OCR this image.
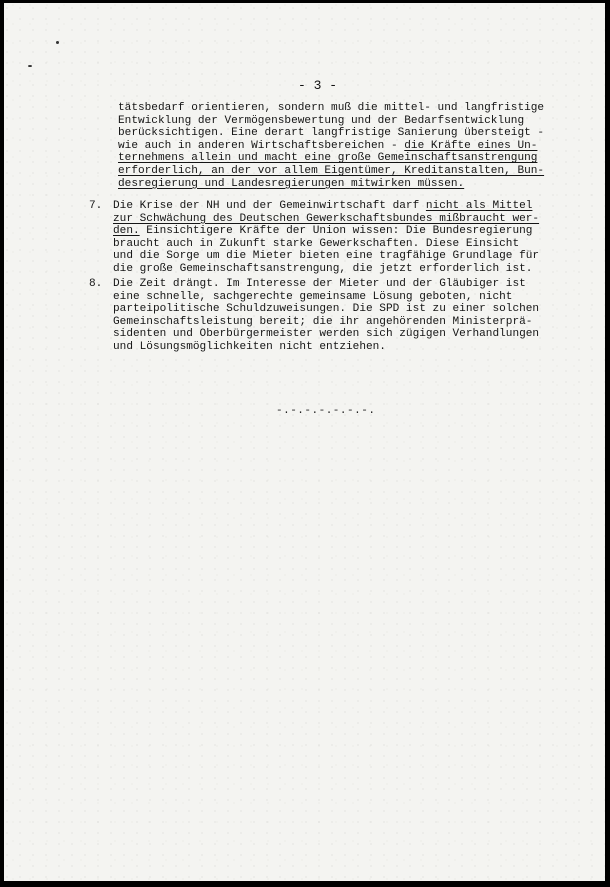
- 3 -
tätsbedarf orientieren, sondern muß die mittel- und langfristige
Entwicklung der Vermögensbewertung und der Bedarfsentwicklung
berücksichtigen. Eine derart langfristige Sanierung übersteigt -
wie auch in anderen Wirtschaftsbereichen - die Kräfte eines Un-
ternehmens allein und macht eine große Gemeinschaftsanstrengung
erforderlich, an der vor allem Eigentümer, Kreditanstalten, Bun-
desregierung und Landesregierungen mitwirken müssen.

7.

Die Krise der NH und der Gemeinwirtschaft darf nicht als Mittel
zur Schwächung des Deutschen Gewerkschaftsbundes mißbraucht wer-
den. Einsichtigere Kräfte der Union wissen: Die Bundesregierung
braucht auch in Zukunft starke Gewerkschaften. Diese Einsicht
und die Sorge um die Mieter bieten eine tragfähige Grundlage für
die große Gemeinschaftsanstrengung, die jetzt erforderlich ist.

8.

Die Zeit drängt. Im Interesse der Mieter und der Gläubiger ist
eine schnelle, sachgerechte gemeinsame Lösung geboten, nicht
parteipolitische Schuldzuweisungen. Die SPD ist zu einer solchen
Gemeinschaftsleistung bereit; die ihr angehörenden Ministerprä-
sidenten und Oberbürgermeister werden sich zügigen Verhandlungen
und Lösungsmöglichkeiten nicht entziehen.

-.-.-.-.-.-.-.
